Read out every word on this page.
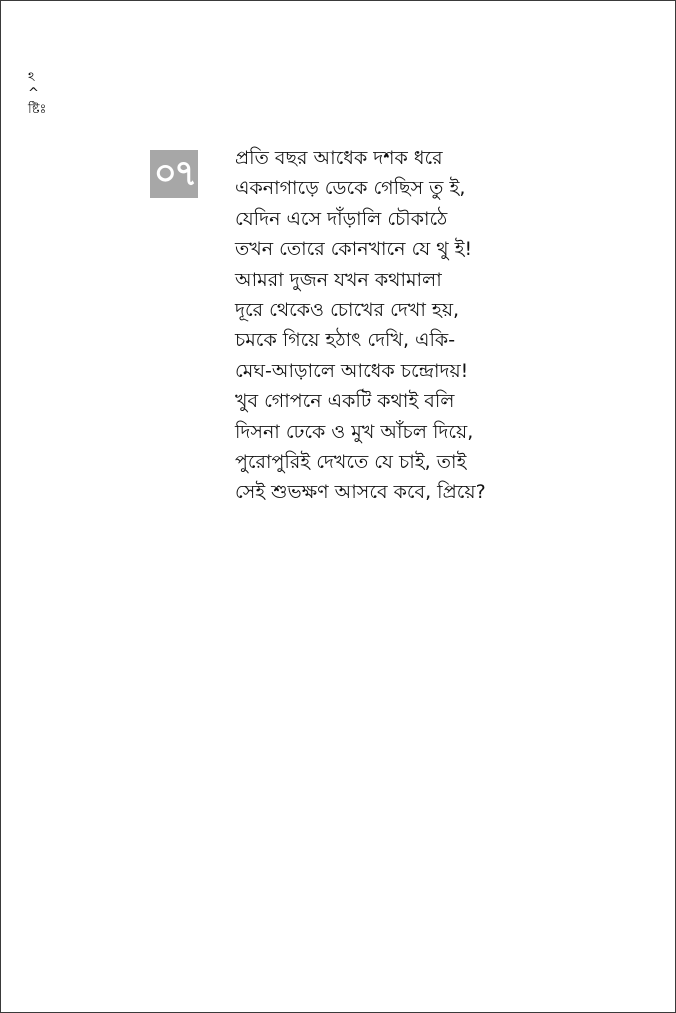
ঽ
^
ষ্টিঃ
০৭ প্রতি বছর আধেক দশক ধরে
একনাগাড়ে ডেকে গেছিস তু ই,
যেদিন এসে দাঁড়ালি চৌকাঠে
তখন তোরে কোনখানে যে থু ই!
আমরা দুজন যখন কথামালা
দূরে থেকেও চোখের দেখা হয়,
চমকে গিয়ে হঠাৎ দেখি, একি-
মেঘ-আড়ালে আধেক চন্দ্রোদয়!
খুব গোপনে একটি কথাই বলি
দিসনা ঢেকে ও মুখ আঁচল দিয়ে,
পুরোপুরিই দেখতে যে চাই, তাই
সেই শুভক্ষণ আসবে কবে, প্রিয়ে?
